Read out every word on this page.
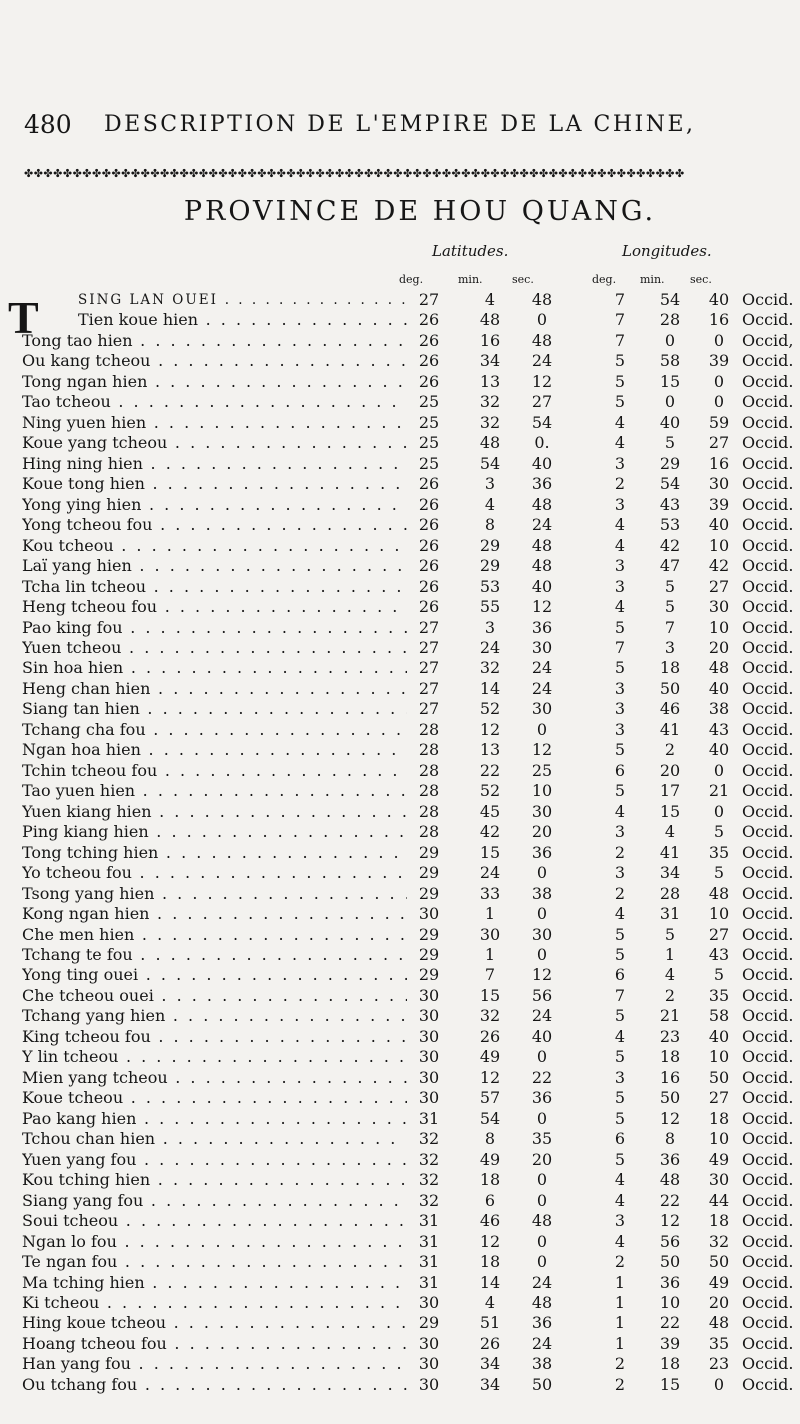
480 DESCRIPTION DE L'EMPIRE DE LA CHINE,
✤✤✤✤✤✤✤✤✤✤✤✤✤✤✤✤✤✤✤✤✤✤✤✤✤✤✤✤✤✤✤✤✤✤✤✤✤✤✤✤✤✤✤✤✤✤✤✤✤✤✤✤✤✤✤✤✤✤✤✤✤✤✤✤✤✤✤✤
PROVINCE DE HOU QUANG.
Latitudes.	Longitudes.
deg.	min.	sec.	deg. min. sec.
T	SING LAN OUEI . . .	27	4	48	7	54	40 Occid.
Tien koue hien . . .	26	48	0	7	28	16 Occid.
Tong tao hien . . .	26	16	48	7	0	0	Occid,
Ou kang tcheou . . .	26	34	24	5	58	39 Occid.
Tong ngan hien . . .	26	13	12	5	15	0	Occid.
Tao tcheou . . .	25	32	27	5	0	0	Occid.
Ning yuen hien . . .	25	32	54	4	40	59 Occid.
Koue yang tcheou . . .	25	48	0.	4	5	27 Occid.
Hing ning hien . . .	25	54	40	3	29	16 Occid.
Koue tong hien . . .	26	3	36	2	54	30 Occid.
Yong ying hien . . .	26	4	48	3	43	39 Occid.
Yong tcheou fou . . .	26	8	24	4	53	40 Occid.
Kou tcheou . . .	26	29	48	4	42	10 Occid.
Laï yang hien . . .	26	29	48	3	47	42 Occid.
Tcha lin tcheou . . .	26	53	40	3	5	27 Occid.
Heng tcheou fou . . .	26	55	12	4	5	30 Occid.
Pao king fou . . .	27	3	36	5	7	10 Occid.
Yuen tcheou . . .	27	24	30	7	3	20 Occid.
Sin hoa hien . . .	27	32	24	5	18	48 Occid.
Heng chan hien . . .	27	14	24	3	50	40 Occid.
Siang tan hien . . .	27	52	30	3	46	38 Occid.
Tchang cha fou . . .	28	12	0	3	41	43 Occid.
Ngan hoa hien . . .	28	13	12	5	2	40 Occid.
Tchin tcheou fou . . .	28	22	25	6	20	0	Occid.
Tao yuen hien . . .	28	52	10	5	17	21 Occid.
Yuen kiang hien . . .	28	45	30	4	15	0	Occid.
Ping kiang hien . . .	28	42	20	3	4	5	Occid.
Tong tching hien . . .	29	15	36	2	41	35 Occid.
Yo tcheou fou . . .	29	24	0	3	34	5	Occid.
Tsong yang hien . . .	29	33	38	2	28	48 Occid.
Kong ngan hien . . .	30	1	0	4	31	10 Occid.
Che men hien . . .	29	30	30	5	5	27 Occid.
Tchang te fou . . .	29	1	0	5	1	43 Occid.
Yong ting ouei . . .	29	7	12	6	4	5	Occid.
Che tcheou ouei . . .	30	15	56	7	2	35 Occid.
Tchang yang hien . . .	30	32	24	5	21	58 Occid.
King tcheou fou . . .	30	26	40	4	23	40 Occid.
Y lin tcheou . . .	30	49	0	5	18	10 Occid.
Mien yang tcheou . . .	30	12	22	3	16	50 Occid.
Koue tcheou . . .	30	57	36	5	50	27 Occid.
Pao kang hien . . .	31	54	0	5	12	18 Occid.
Tchou chan hien . . .	32	8	35	6	8	10 Occid.
Yuen yang fou . . .	32	49	20	5	36	49 Occid.
Kou tching hien . . .	32	18	0	4	48	30 Occid.
Siang yang fou . . .	32	6	0	4	22	44 Occid.
Soui tcheou . . .	31	46	48	3	12	18 Occid.
Ngan lo fou . . .	31	12	0	4	56	32 Occid.
Te ngan fou . . .	31	18	0	2	50	50 Occid.
Ma tching hien . . .	31	14	24	1	36	49 Occid.
Ki tcheou . . .	30	4	48	1	10	20 Occid.
Hing koue tcheou . . .	29	51	36	1	22	48 Occid.
Hoang tcheou fou . . .	30	26	24	1	39	35 Occid.
Han yang fou . . .	30	34	38	2	18	23 Occid.
Ou tchang fou . . .	30	34	50	2	15	0	Occid.
